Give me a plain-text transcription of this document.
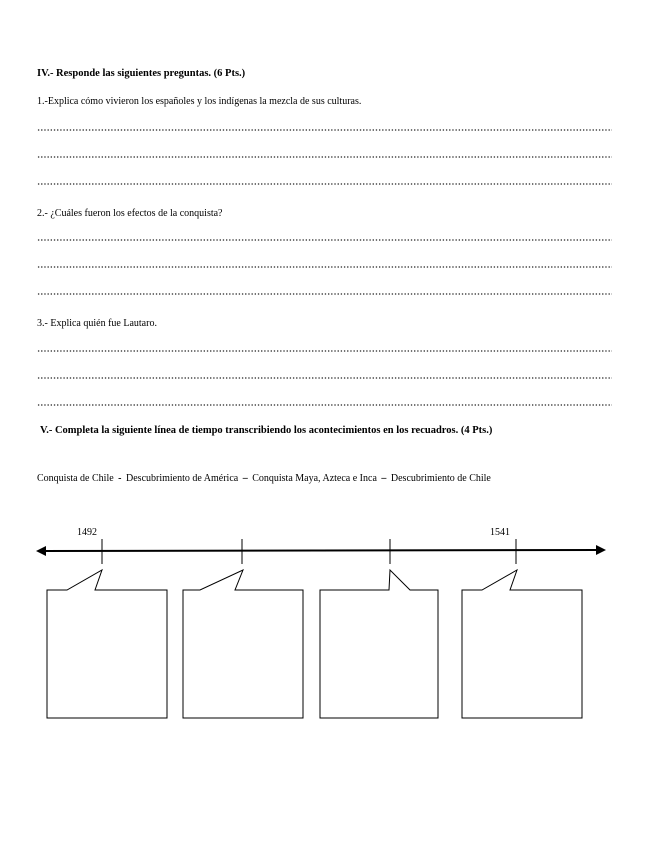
IV.- Responde las siguientes preguntas. (6 Pts.)
1.-Explica cómo vivieron los españoles y los indígenas la mezcla de sus culturas.
2.- ¿Cuáles fueron los efectos de la conquista?
3.- Explica quién fue Lautaro.
V.- Completa la siguiente línea de tiempo transcribiendo los acontecimientos en los recuadros. (4 Pts.)
Conquista de Chile - Descubrimiento de América – Conquista Maya, Azteca e Inca – Descubrimiento de Chile
1492	1541
